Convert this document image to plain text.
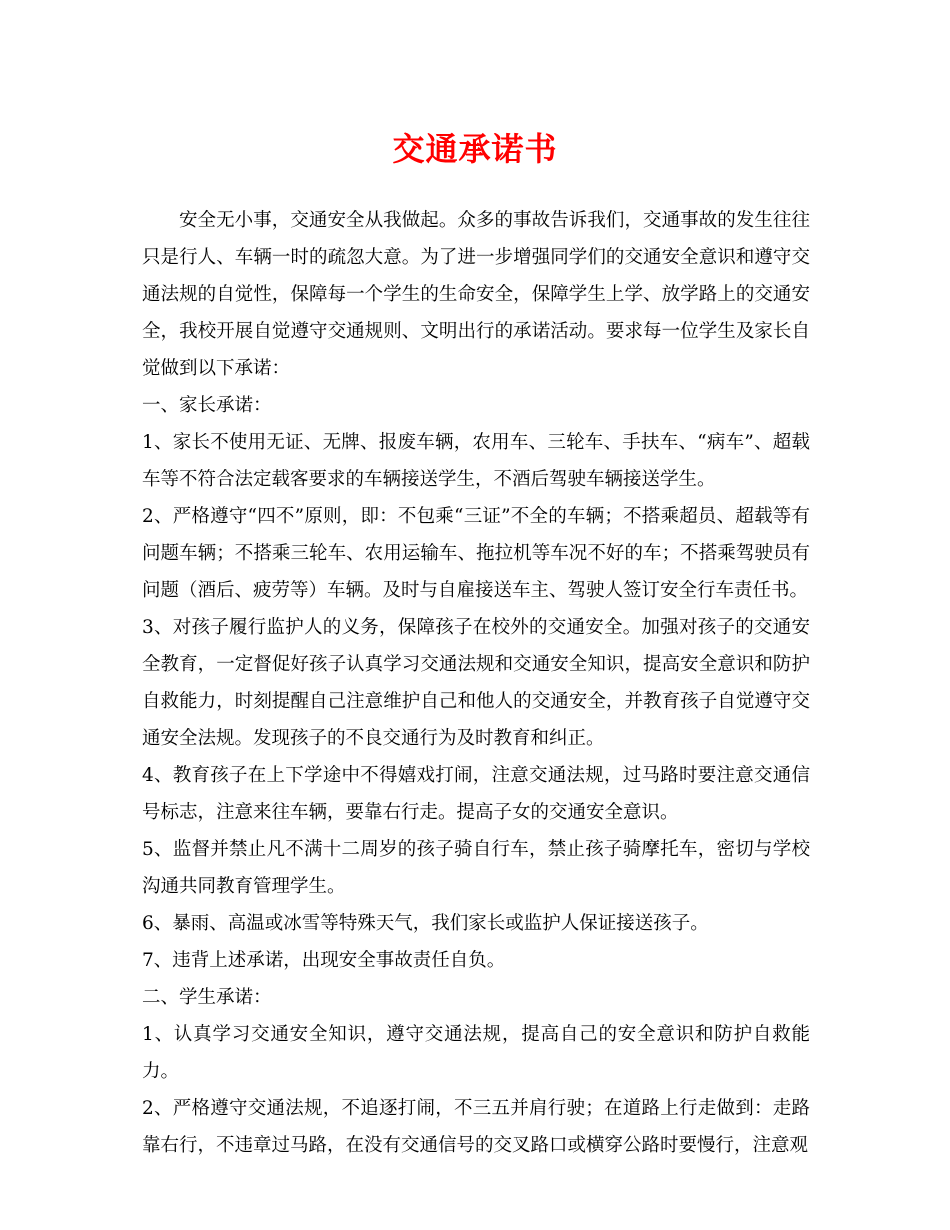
交通承诺书

安全无小事，交通安全从我做起。众多的事故告诉我们，交通事故的发生往往只是行人、车辆一时的疏忽大意。为了进一步增强同学们的交通安全意识和遵守交通法规的自觉性，保障每一个学生的生命安全，保障学生上学、放学路上的交通安全，我校开展自觉遵守交通规则、文明出行的承诺活动。要求每一位学生及家长自觉做到以下承诺：

一、家长承诺：

1、家长不使用无证、无牌、报废车辆，农用车、三轮车、手扶车、“病车”、超载车等不符合法定载客要求的车辆接送学生，不酒后驾驶车辆接送学生。

2、严格遵守“四不”原则，即：不包乘“三证”不全的车辆；不搭乘超员、超载等有问题车辆；不搭乘三轮车、农用运输车、拖拉机等车况不好的车；不搭乘驾驶员有问题（酒后、疲劳等）车辆。及时与自雇接送车主、驾驶人签订安全行车责任书。

3、对孩子履行监护人的义务，保障孩子在校外的交通安全。加强对孩子的交通安全教育，一定督促好孩子认真学习交通法规和交通安全知识，提高安全意识和防护自救能力，时刻提醒自己注意维护自己和他人的交通安全，并教育孩子自觉遵守交通安全法规。发现孩子的不良交通行为及时教育和纠正。

4、教育孩子在上下学途中不得嬉戏打闹，注意交通法规，过马路时要注意交通信号标志，注意来往车辆，要靠右行走。提高子女的交通安全意识。

5、监督并禁止凡不满十二周岁的孩子骑自行车，禁止孩子骑摩托车，密切与学校沟通共同教育管理学生。

6、暴雨、高温或冰雪等特殊天气，我们家长或监护人保证接送孩子。

7、违背上述承诺，出现安全事故责任自负。

二、学生承诺：

1、认真学习交通安全知识，遵守交通法规，提高自己的安全意识和防护自救能力。

2、严格遵守交通法规，不追逐打闹，不三五并肩行驶；在道路上行走做到：走路靠右行，不违章过马路，在没有交通信号的交叉路口或横穿公路时要慢行，注意观
